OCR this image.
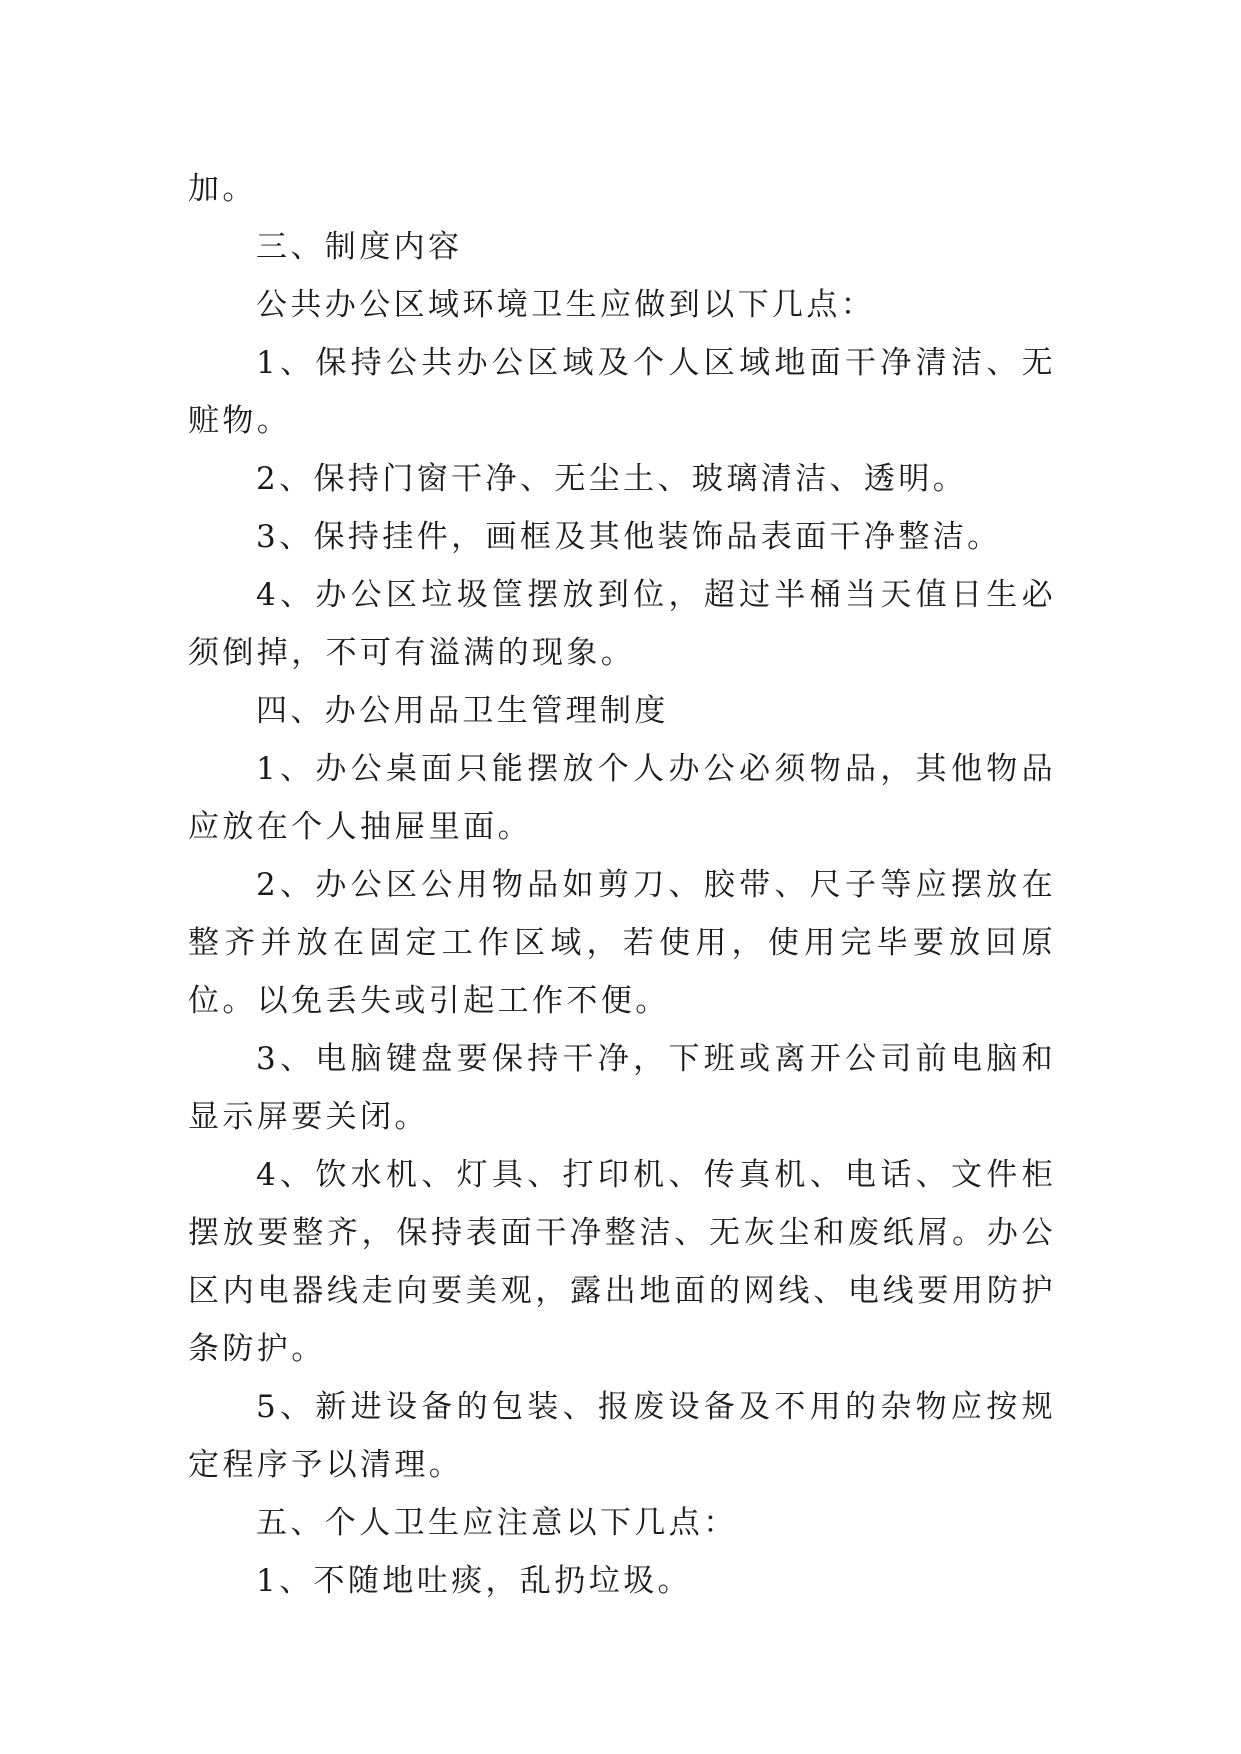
加。

三、制度内容

公共办公区域环境卫生应做到以下几点：

1、保持公共办公区域及个人区域地面干净清洁、无赃物。

2、保持门窗干净、无尘土、玻璃清洁、透明。

3、保持挂件，画框及其他装饰品表面干净整洁。

4、办公区垃圾筐摆放到位，超过半桶当天值日生必须倒掉，不可有溢满的现象。

四、办公用品卫生管理制度

1、办公桌面只能摆放个人办公必须物品，其他物品应放在个人抽屉里面。

2、办公区公用物品如剪刀、胶带、尺子等应摆放在整齐并放在固定工作区域，若使用，使用完毕要放回原位。以免丢失或引起工作不便。

3、电脑键盘要保持干净，下班或离开公司前电脑和显示屏要关闭。

4、饮水机、灯具、打印机、传真机、电话、文件柜摆放要整齐，保持表面干净整洁、无灰尘和废纸屑。办公区内电器线走向要美观，露出地面的网线、电线要用防护条防护。

5、新进设备的包装、报废设备及不用的杂物应按规定程序予以清理。

五、个人卫生应注意以下几点：

1、不随地吐痰，乱扔垃圾。
